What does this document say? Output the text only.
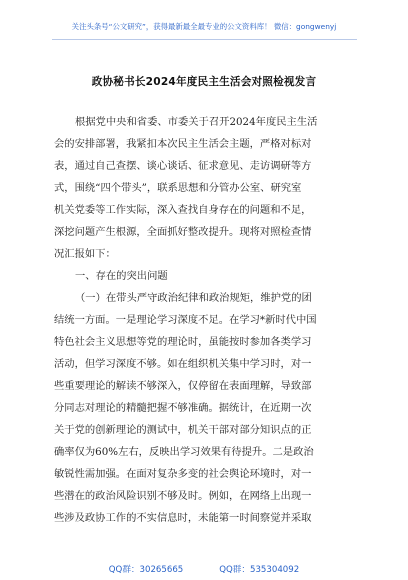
关注头条号“公文研究”，获得最新最全最专业的公文资料库！ 微信：gongwenyj
政协秘书长2024年度民主生活会对照检视发言
根据党中央和省委、市委关于召开2024年度民主生活
会的安排部署，我紧扣本次民主生活会主题，严格对标对
表，通过自己查摆、谈心谈话、征求意见、走访调研等方
式，围绕“四个带头”，联系思想和分管办公室、研究室
机关党委等工作实际，深入查找自身存在的问题和不足，
深挖问题产生根源，全面抓好整改提升。现将对照检查情
况汇报如下：
一、存在的突出问题
（一）在带头严守政治纪律和政治规矩，维护党的团
结统一方面。一是理论学习深度不足。在学习*新时代中国
特色社会主义思想等党的理论时，虽能按时参加各类学习
活动，但学习深度不够。如在组织机关集中学习时，对一
些重要理论的解读不够深入，仅停留在表面理解，导致部
分同志对理论的精髓把握不够准确。据统计，在近期一次
关于党的创新理论的测试中，机关干部对部分知识点的正
确率仅为60%左右，反映出学习效果有待提升。二是政治
敏锐性需加强。在面对复杂多变的社会舆论环境时，对一
些潜在的政治风险识别不够及时。例如，在网络上出现一
些涉及政协工作的不实信息时，未能第一时间察觉并采取
QQ群：30265665	QQ群：535304092
